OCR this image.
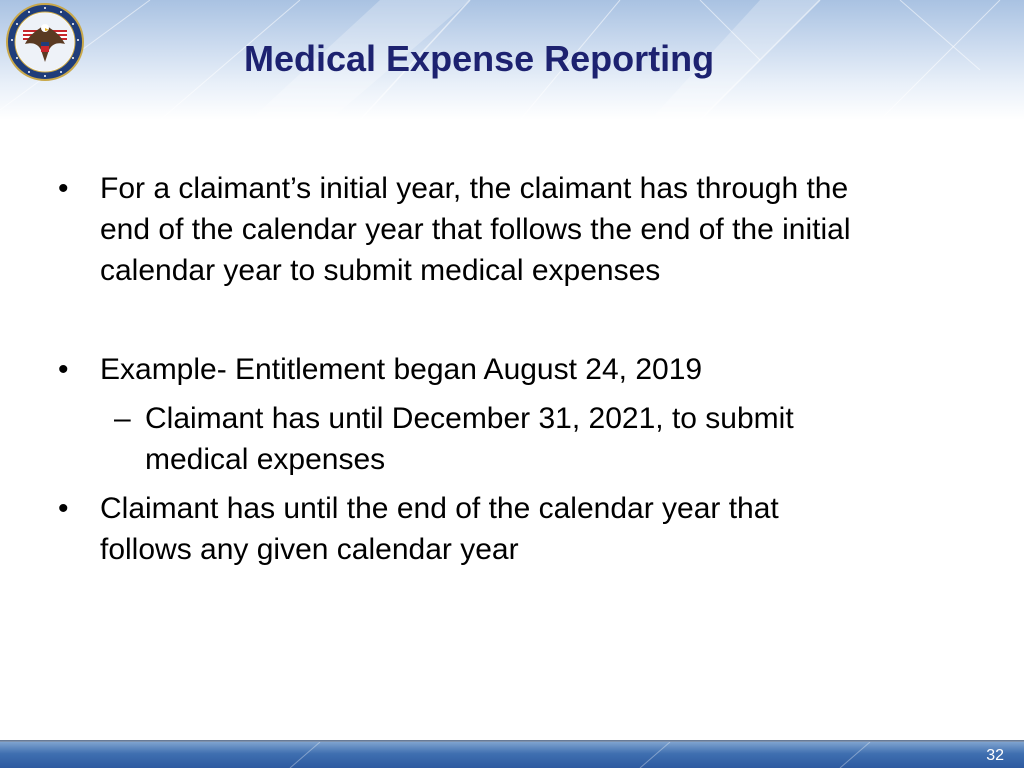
Medical Expense Reporting
• For a claimant’s initial year, the claimant has through the
end of the calendar year that follows the end of the initial
calendar year to submit medical expenses
• Example- Entitlement began August 24, 2019
– Claimant has until December 31, 2021, to submit
medical expenses
• Claimant has until the end of the calendar year that
follows any given calendar year
32
